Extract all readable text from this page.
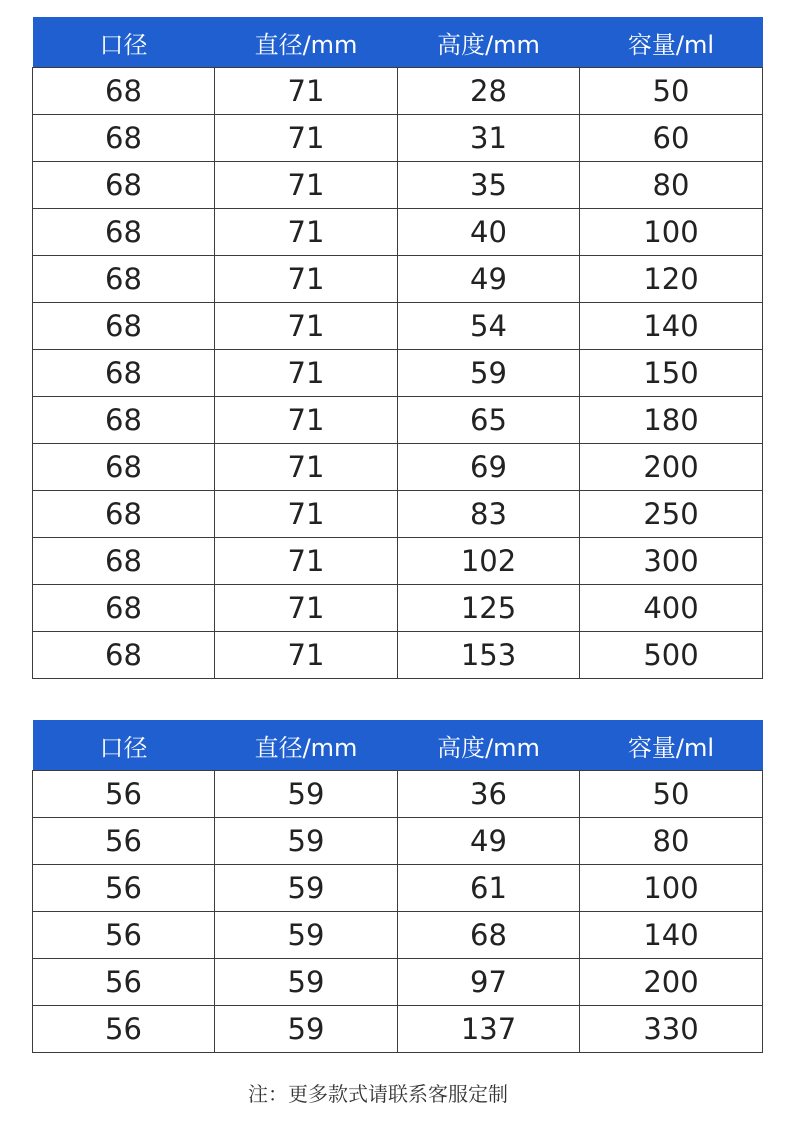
口径	直径/mm	高度/mm	容量/ml
68	71	28	50
68	71	31	60
68	71	35	80
68	71	40	100
68	71	49	120
68	71	54	140
68	71	59	150
68	71	65	180
68	71	69	200
68	71	83	250
68	71	102	300
68	71	125	400
68	71	153	500
口径	直径/mm	高度/mm	容量/ml
56	59	36	50
56	59	49	80
56	59	61	100
56	59	68	140
56	59	97	200
56	59	137	330
注：更多款式请联系客服定制
